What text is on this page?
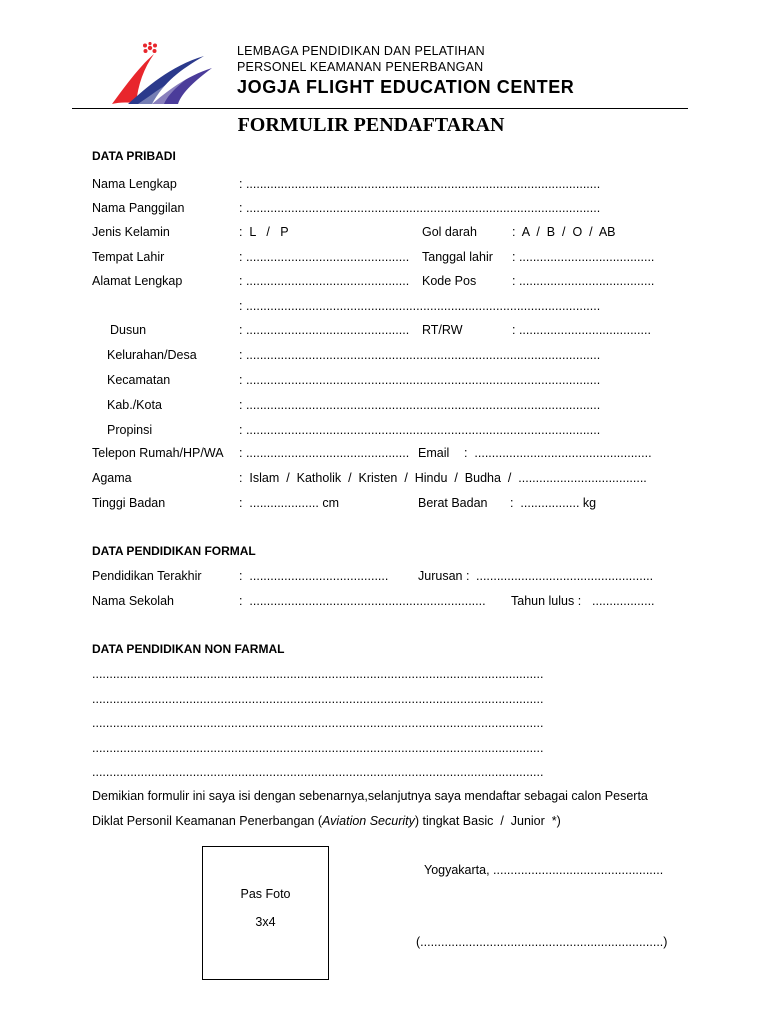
LEMBAGA PENDIDIKAN DAN PELATIHAN
PERSONEL KEAMANAN PENERBANGAN
JOGJA FLIGHT EDUCATION CENTER
FORMULIR PENDAFTARAN
DATA PRIBADI
Nama Lengkap	: ......................................................................................................
Nama Panggilan	: ......................................................................................................
Jenis Kelamin	:  L   /   P	Gol darah	:  A  /  B  /  O  /  AB
Tempat Lahir	: ............................................... Tanggal lahir : .......................................
Alamat Lengkap	: ............................................... Kode Pos	: .......................................
: ......................................................................................................
Dusun	: ............................................... RT/RW	: ......................................
Kelurahan/Desa	: ......................................................................................................
Kecamatan	: ......................................................................................................
Kab./Kota	: ......................................................................................................
Propinsi	: ......................................................................................................
Telepon Rumah/HP/WA : ............................................... Email :  ...................................................
Agama	:  Islam  /  Katholik  /  Kristen  /  Hindu  /  Budha  /  .....................................
Tinggi Badan	:  .................... cm	Berat Badan :  ................. kg
DATA PENDIDIKAN FORMAL
Pendidikan Terakhir	:  ........................................ Jurusan : ...................................................
Nama Sekolah	:  .................................................................... Tahun lulus : ..................
DATA PENDIDIKAN NON FARMAL
..................................................................................................................................
..................................................................................................................................
..................................................................................................................................
..................................................................................................................................
..................................................................................................................................
Demikian formulir ini saya isi dengan sebenarnya,selanjutnya saya mendaftar sebagai calon Peserta
Diklat Personil Keamanan Penerbangan (Aviation Security) tingkat Basic  /  Junior  *)
Pas Foto
3x4
Yogyakarta, .................................................
(......................................................................)
